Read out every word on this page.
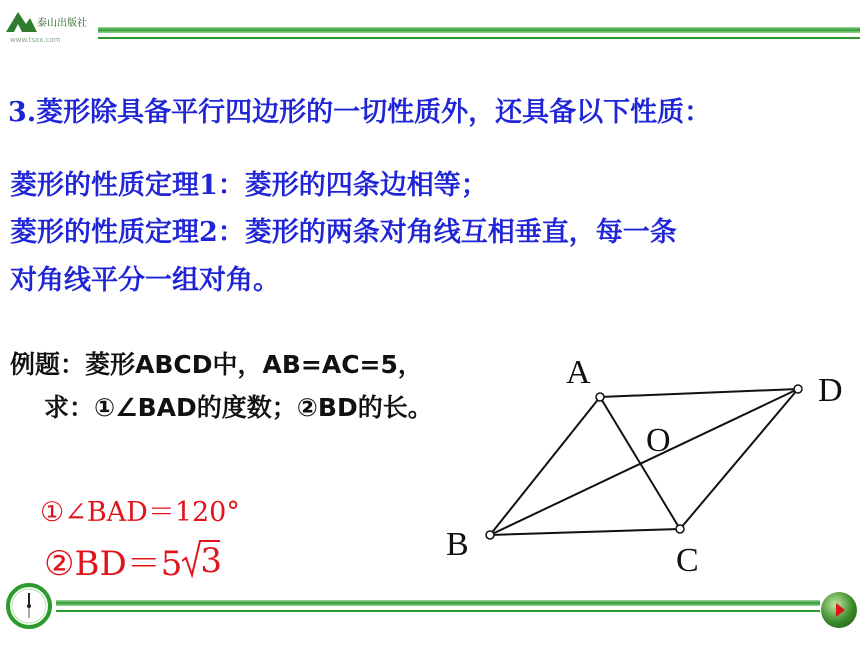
泰山出版社
www.tsxx.com
3.菱形除具备平行四边形的一切性质外，还具备以下性质：
菱形的性质定理1：菱形的四条边相等；
菱形的性质定理2：菱形的两条对角线互相垂直，每一条
对角线平分一组对角。
例题：菱形ABCD中，AB=AC=5，
求：①∠BAD的度数；②BD的长。
①∠BAD＝120°
②BD＝5 3
A	D
O
B	C
